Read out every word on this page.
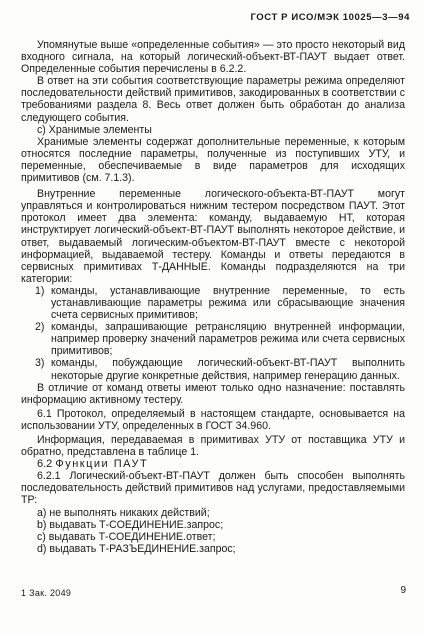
ГОСТ Р ИСО/МЭК 10025—3—94

Упомянутые выше «определенные события» — это просто некоторый вид входного сигнала, на который логический-объект-ВТ-ПАУТ выдает ответ. Определенные события перечислены в 6.2.2.

В ответ на эти события соответствующие параметры режима определяют последовательности действий примитивов, закодированных в соответствии с требованиями раздела 8. Весь ответ должен быть обработан до анализа следующего события.

с) Хранимые элементы

Хранимые элементы содержат дополнительные переменные, к которым относятся последние параметры, полученные из поступивших УТУ, и переменные, обеспечиваемые в виде параметров для исходящих примитивов (см. 7.1.3).

Внутренние переменные логического-объекта-ВТ-ПАУТ могут управляться и контролироваться нижним тестером посредством ПАУТ. Этот протокол имеет два элемента: команду, выдаваемую НТ, которая инструктирует логический-объект-ВТ-ПАУТ выполнять некоторое действие, и ответ, выдаваемый логическим-объектом-ВТ-ПАУТ вместе с некоторой информацией, выдаваемой тестеру. Команды и ответы передаются в сервисных примитивах Т-ДАННЫЕ. Команды подразделяются на три категории:

1) команды, устанавливающие внутренние переменные, то есть устанавливающие параметры режима или сбрасывающие значения счета сервисных примитивов;

2) команды, запрашивающие ретрансляцию внутренней информации, например проверку значений параметров режима или счета сервисных примитивов;

3) команды, побуждающие логический-объект-ВТ-ПАУТ выполнить некоторые другие конкретные действия, например генерацию данных.

В отличие от команд ответы имеют только одно назначение: поставлять информацию активному тестеру.

6.1 Протокол, определяемый в настоящем стандарте, основывается на использовании УТУ, определенных в ГОСТ 34.960.

Информация, передаваемая в примитивах УТУ от поставщика УТУ и обратно, представлена в таблице 1.

6.2 Функции ПАУТ

6.2.1 Логический-объект-ВТ-ПАУТ должен быть способен выполнять последовательность действий примитивов над услугами, предоставляемыми ТР:

a) не выполнять никаких действий;

b) выдавать Т-СОЕДИНЕНИЕ.запрос;

c) выдавать Т-СОЕДИНЕНИЕ.ответ;

d) выдавать Т-РАЗЪЕДИНЕНИЕ.запрос;

1 Зак. 2049	9
